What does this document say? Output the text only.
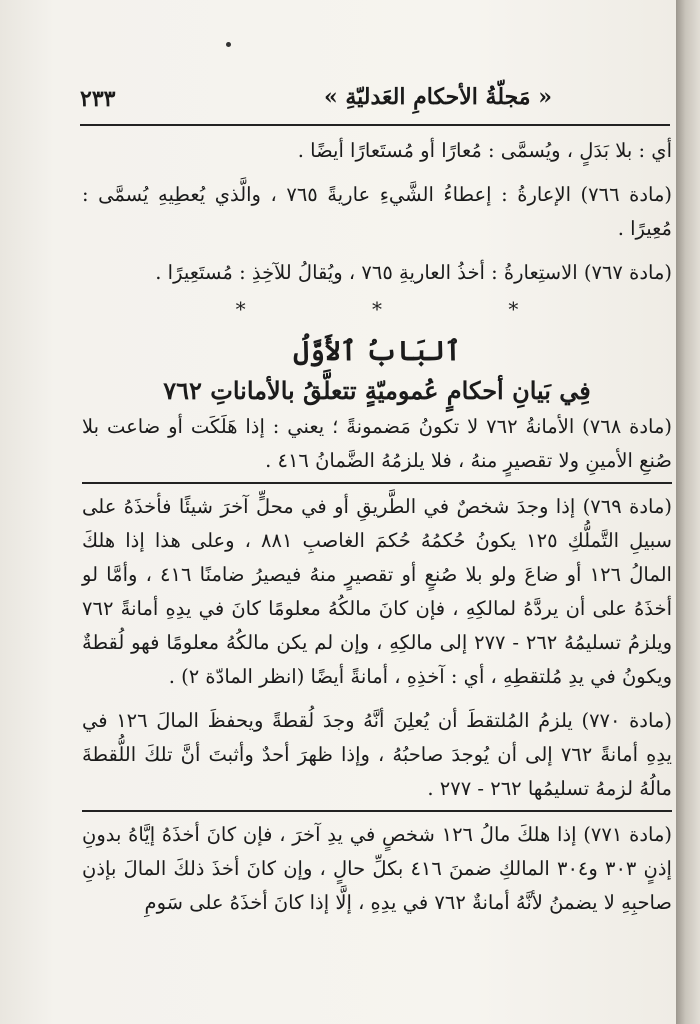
« مَجلّةُ الأحكامِ العَدليّةِ »
٢٣٣

أي : بلا بَدَلٍ ، ويُسمَّى : مُعارًا أو مُستَعارًا أيضًا .

(مادة ٧٦٦) الإعارةُ : إعطاءُ الشَّيءِ عاريةً ٧٦٥ ، والَّذي يُعطِيهِ يُسمَّى : مُعِيرًا .

(مادة ٧٦٧) الاستِعارةُ : أخذُ العاريةِ ٧٦٥ ، ويُقالُ للآخِذِ : مُستَعِيرًا .

* * *

ٱلبَابُ ٱلأَوَّلُ

فِي بَيانِ أحكامٍ عُموميّةٍ تتعلَّقُ بالأماناتِ ٧٦٢

(مادة ٧٦٨) الأمانةُ ٧٦٢ لا تكونُ مَضمونةً ؛ يعني : إذا هَلَكَت أو ضاعت بلا صُنعِ الأمينِ ولا تقصيرٍ منهُ ، فلا يلزمُهُ الضَّمانُ ٤١٦ .

(مادة ٧٦٩) إذا وجدَ شخصٌ في الطَّريقِ أو في محلٍّ آخرَ شيئًا فأخذَهُ على سبيلِ التَّملُّكِ ١٢٥ يكونُ حُكمُهُ حُكمَ الغاصبِ ٨٨١ ، وعلى هذا إذا هلكَ المالُ ١٢٦ أو ضاعَ ولو بلا صُنعٍ أو تقصيرٍ منهُ فيصيرُ ضامنًا ٤١٦ ، وأمَّا لو أخذَهُ على أن يردَّهُ لمالكِهِ ، فإن كانَ مالكُهُ معلومًا كانَ في يدِهِ أمانةً ٧٦٢ ويلزمُ تسليمُهُ ٢٦٢ - ٢٧٧ إلى مالكِهِ ، وإن لم يكن مالكُهُ معلومًا فهو لُقطةٌ ويكونُ في يدِ مُلتقطِهِ ، أي : آخذِهِ ، أمانةً أيضًا (انظر المادّة ٢) .

(مادة ٧٧٠) يلزمُ المُلتقطَ أن يُعلِنَ أنَّهُ وجدَ لُقطةً ويحفظَ المالَ ١٢٦ في يدِهِ أمانةً ٧٦٢ إلى أن يُوجدَ صاحبُهُ ، وإذا ظهرَ أحدٌ وأثبتَ أنَّ تلكَ اللُّقطةَ مالُهُ لزمهُ تسليمُها ٢٦٢ - ٢٧٧ .

(مادة ٧٧١) إذا هلكَ مالُ ١٢٦ شخصٍ في يدِ آخرَ ، فإن كانَ أخذَهُ إيَّاهُ بدونِ إذنٍ ٣٠٣ و٣٠٤ المالكِ ضمنَ ٤١٦ بكلِّ حالٍ ، وإن كانَ أخذَ ذلكَ المالَ بإذنِ صاحبِهِ لا يضمنُ لأنَّهُ أمانةٌ ٧٦٢ في يدِهِ ، إلَّا إذا كانَ أخذَهُ على سَومِ
